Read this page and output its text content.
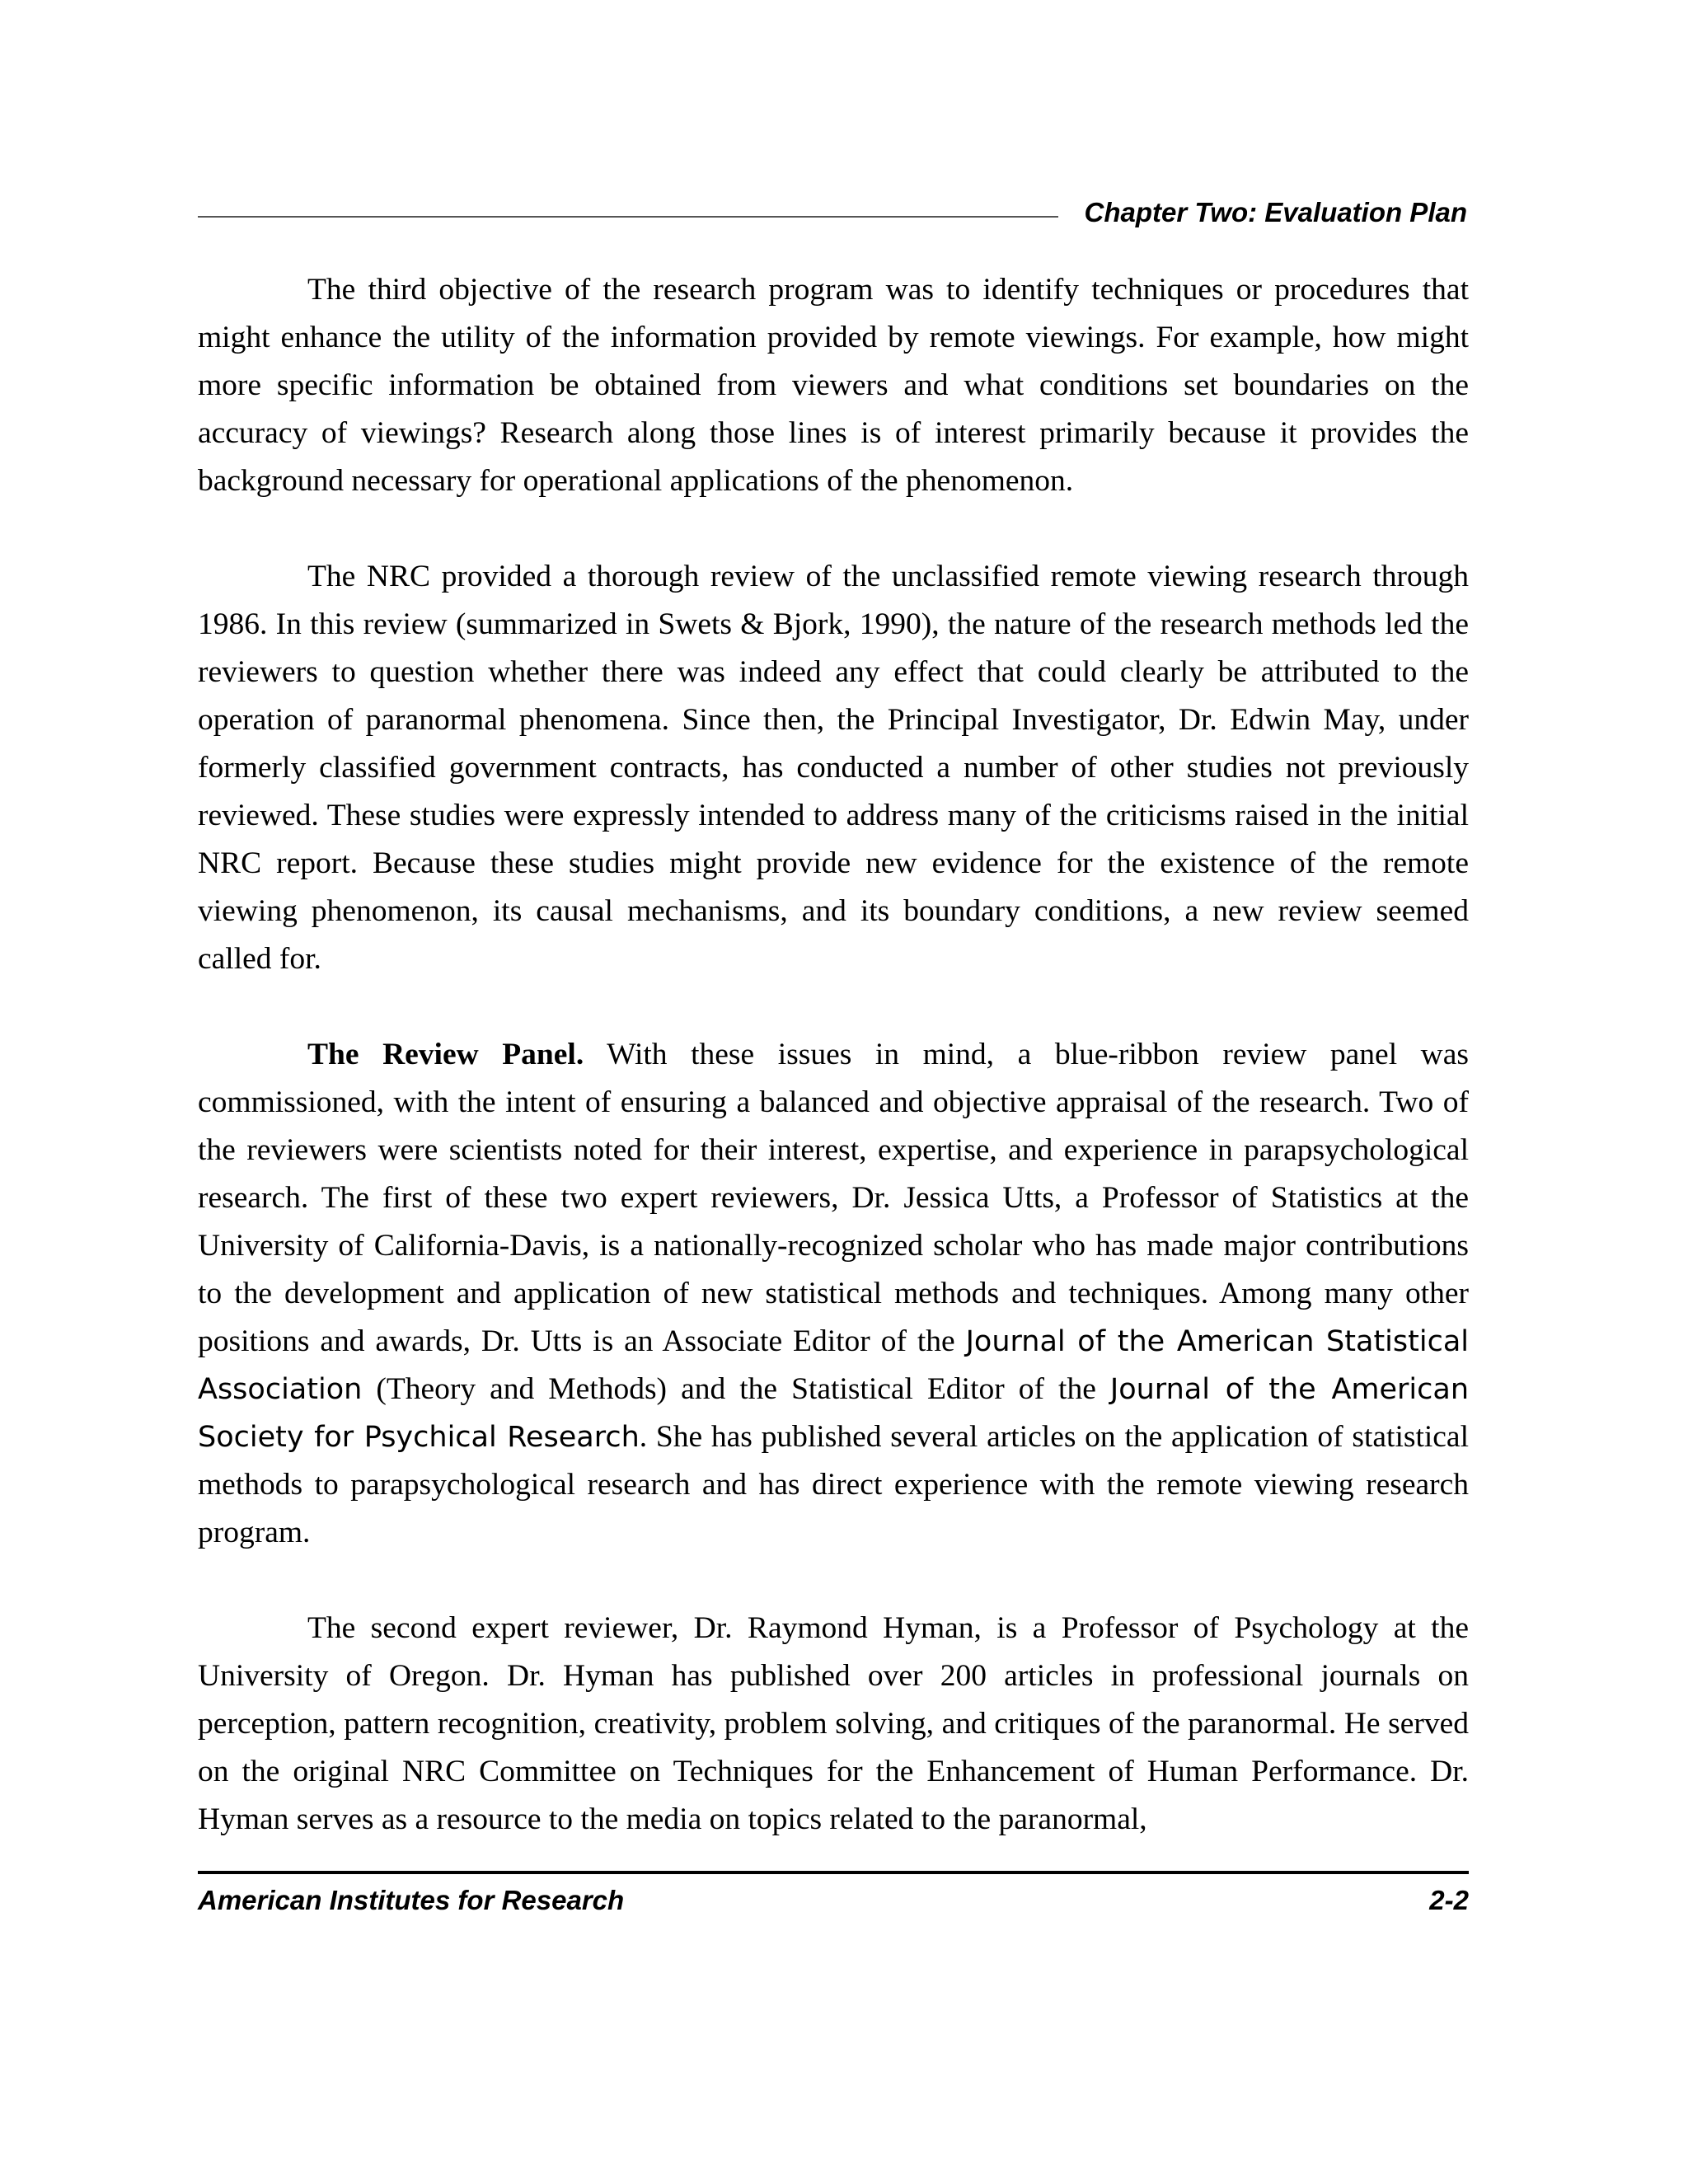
Chapter Two: Evaluation Plan

The third objective of the research program was to identify techniques or procedures that might enhance the utility of the information provided by remote viewings. For example, how might more specific information be obtained from viewers and what conditions set boundaries on the accuracy of viewings? Research along those lines is of interest primarily because it provides the background necessary for operational applications of the phenomenon.

The NRC provided a thorough review of the unclassified remote viewing research through 1986. In this review (summarized in Swets & Bjork, 1990), the nature of the research methods led the reviewers to question whether there was indeed any effect that could clearly be attributed to the operation of paranormal phenomena. Since then, the Principal Investigator, Dr. Edwin May, under formerly classified government contracts, has conducted a number of other studies not previously reviewed. These studies were expressly intended to address many of the criticisms raised in the initial NRC report. Because these studies might provide new evidence for the existence of the remote viewing phenomenon, its causal mechanisms, and its boundary conditions, a new review seemed called for.

The Review Panel. With these issues in mind, a blue-ribbon review panel was commissioned, with the intent of ensuring a balanced and objective appraisal of the research. Two of the reviewers were scientists noted for their interest, expertise, and experience in parapsychological research. The first of these two expert reviewers, Dr. Jessica Utts, a Professor of Statistics at the University of California-Davis, is a nationally-recognized scholar who has made major contributions to the development and application of new statistical methods and techniques. Among many other positions and awards, Dr. Utts is an Associate Editor of the Journal of the American Statistical Association (Theory and Methods) and the Statistical Editor of the Journal of the American Society for Psychical Research. She has published several articles on the application of statistical methods to parapsychological research and has direct experience with the remote viewing research program.

The second expert reviewer, Dr. Raymond Hyman, is a Professor of Psychology at the University of Oregon. Dr. Hyman has published over 200 articles in professional journals on perception, pattern recognition, creativity, problem solving, and critiques of the paranormal. He served on the original NRC Committee on Techniques for the Enhancement of Human Performance. Dr. Hyman serves as a resource to the media on topics related to the paranormal,

American Institutes for Research	2-2
